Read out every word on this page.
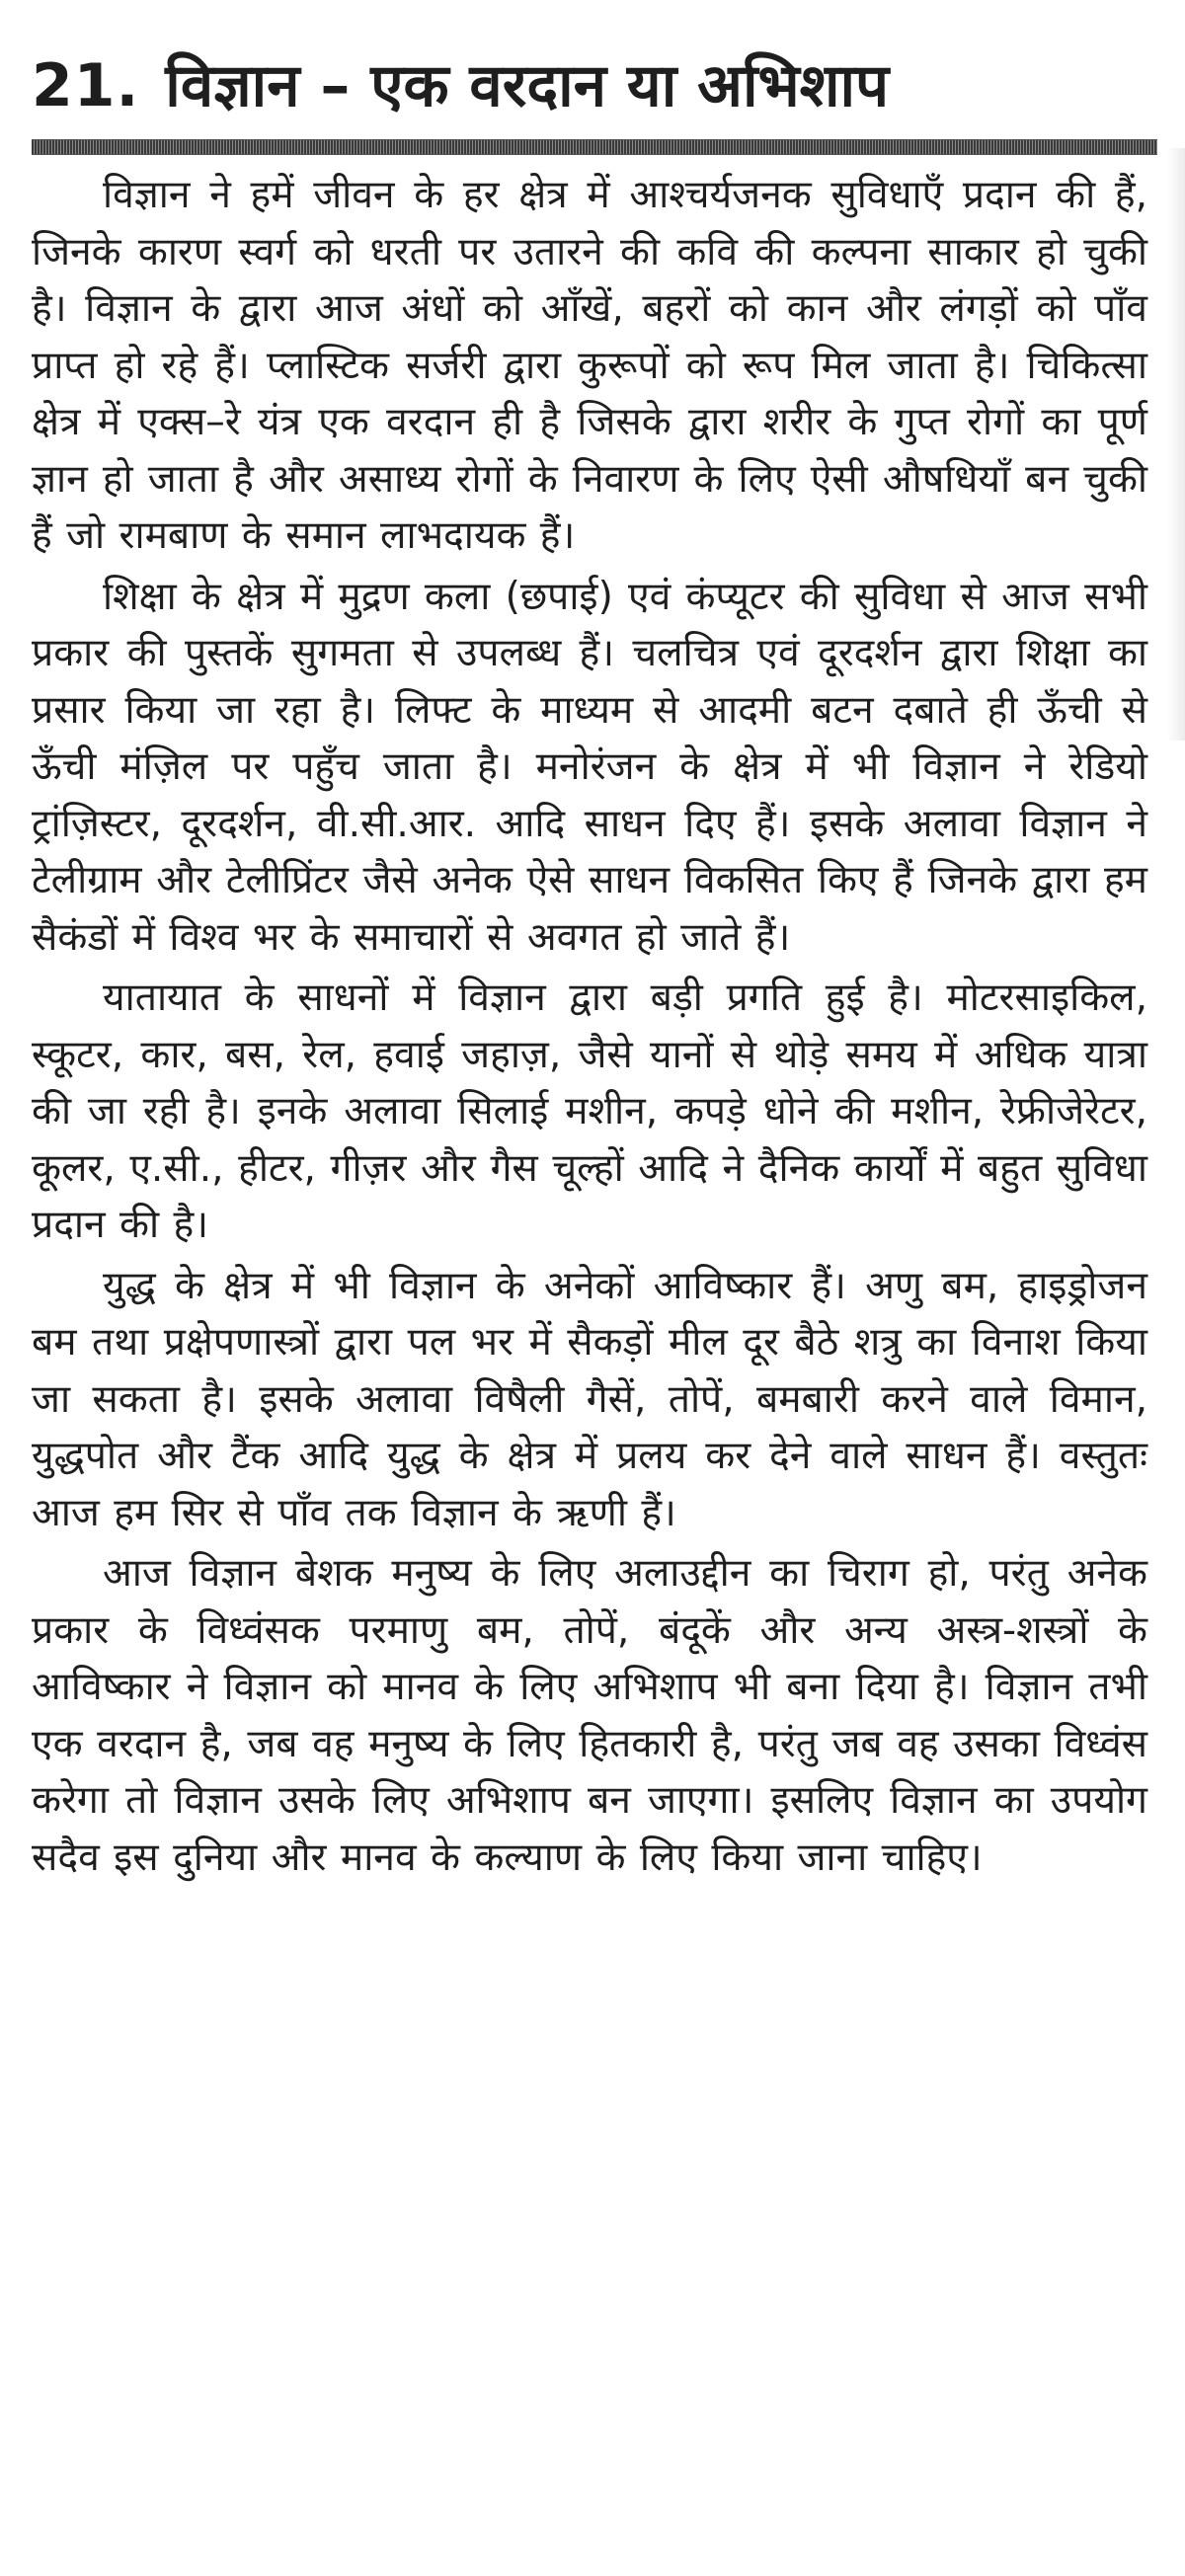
21. विज्ञान – एक वरदान या अभिशाप

विज्ञान ने हमें जीवन के हर क्षेत्र में आश्चर्यजनक सुविधाएँ प्रदान की हैं, जिनके कारण स्वर्ग को धरती पर उतारने की कवि की कल्पना साकार हो चुकी है। विज्ञान के द्वारा आज अंधों को आँखें, बहरों को कान और लंगड़ों को पाँव प्राप्त हो रहे हैं। प्लास्टिक सर्जरी द्वारा कुरूपों को रूप मिल जाता है। चिकित्सा क्षेत्र में एक्स–रे यंत्र एक वरदान ही है जिसके द्वारा शरीर के गुप्त रोगों का पूर्ण ज्ञान हो जाता है और असाध्य रोगों के निवारण के लिए ऐसी औषधियाँ बन चुकी हैं जो रामबाण के समान लाभदायक हैं।

शिक्षा के क्षेत्र में मुद्रण कला (छपाई) एवं कंप्यूटर की सुविधा से आज सभी प्रकार की पुस्तकें सुगमता से उपलब्ध हैं। चलचित्र एवं दूरदर्शन द्वारा शिक्षा का प्रसार किया जा रहा है। लिफ्ट के माध्यम से आदमी बटन दबाते ही ऊँची से ऊँची मंज़िल पर पहुँच जाता है। मनोरंजन के क्षेत्र में भी विज्ञान ने रेडियो ट्रांज़िस्टर, दूरदर्शन, वी.सी.आर. आदि साधन दिए हैं। इसके अलावा विज्ञान ने टेलीग्राम और टेलीप्रिंटर जैसे अनेक ऐसे साधन विकसित किए हैं जिनके द्वारा हम सैकंडों में विश्व भर के समाचारों से अवगत हो जाते हैं।

यातायात के साधनों में विज्ञान द्वारा बड़ी प्रगति हुई है। मोटरसाइकिल, स्कूटर, कार, बस, रेल, हवाई जहाज़, जैसे यानों से थोड़े समय में अधिक यात्रा की जा रही है। इनके अलावा सिलाई मशीन, कपड़े धोने की मशीन, रेफ्रीजेरेटर, कूलर, ए.सी., हीटर, गीज़र और गैस चूल्हों आदि ने दैनिक कार्यों में बहुत सुविधा प्रदान की है।

युद्ध के क्षेत्र में भी विज्ञान के अनेकों आविष्कार हैं। अणु बम, हाइड्रोजन बम तथा प्रक्षेपणास्त्रों द्वारा पल भर में सैकड़ों मील दूर बैठे शत्रु का विनाश किया जा सकता है। इसके अलावा विषैली गैसें, तोपें, बमबारी करने वाले विमान, युद्धपोत और टैंक आदि युद्ध के क्षेत्र में प्रलय कर देने वाले साधन हैं। वस्तुतः आज हम सिर से पाँव तक विज्ञान के ऋणी हैं।

आज विज्ञान बेशक मनुष्य के लिए अलाउद्दीन का चिराग हो, परंतु अनेक प्रकार के विध्वंसक परमाणु बम, तोपें, बंदूकें और अन्य अस्त्र-शस्त्रों के आविष्कार ने विज्ञान को मानव के लिए अभिशाप भी बना दिया है। विज्ञान तभी एक वरदान है, जब वह मनुष्य के लिए हितकारी है, परंतु जब वह उसका विध्वंस करेगा तो विज्ञान उसके लिए अभिशाप बन जाएगा। इसलिए विज्ञान का उपयोग सदैव इस दुनिया और मानव के कल्याण के लिए किया जाना चाहिए।
